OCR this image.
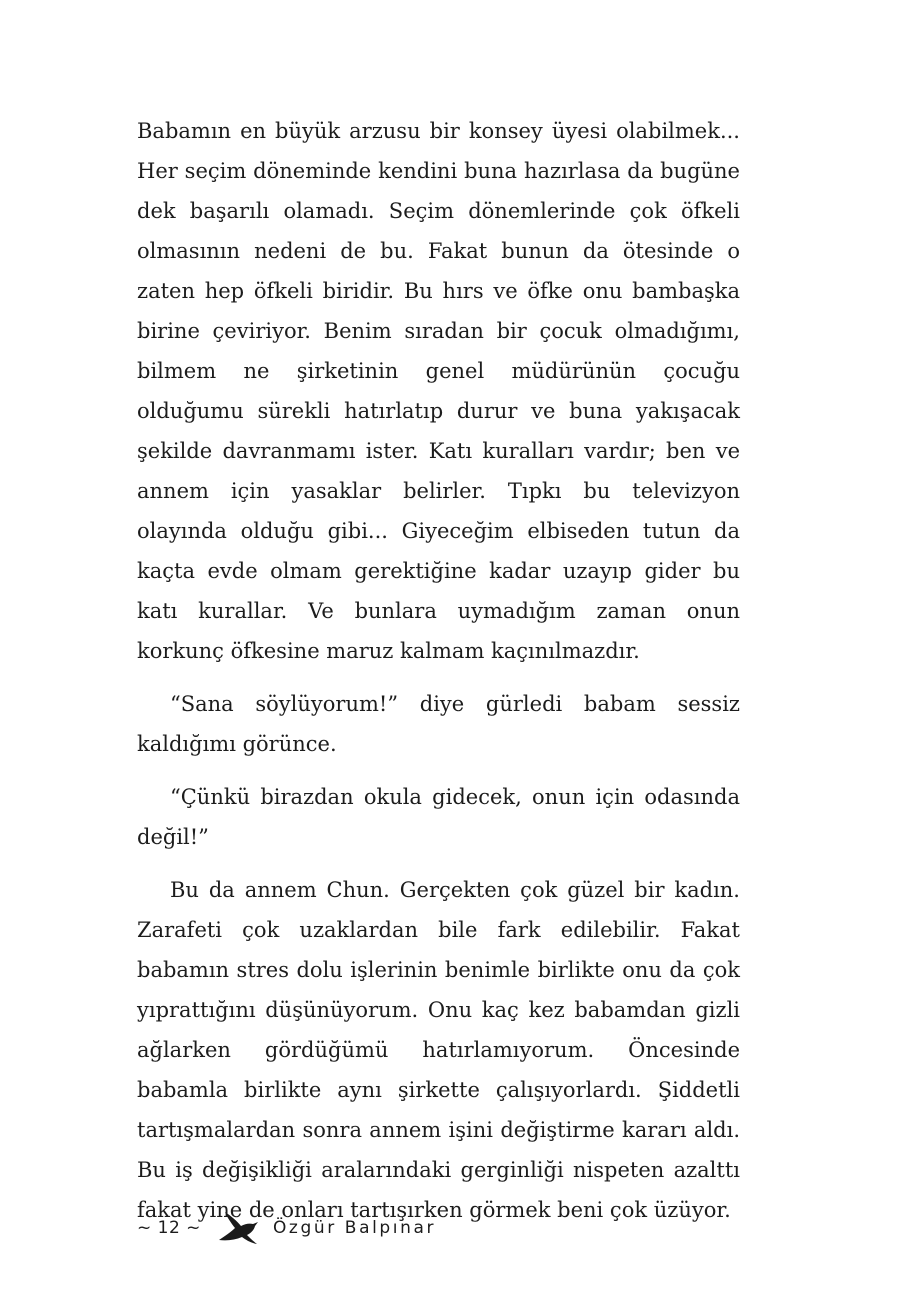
Babamın en büyük arzusu bir konsey üyesi olabilmek... Her seçim döneminde kendini buna hazırlasa da bugüne dek başarılı olamadı. Seçim dönemlerinde çok öfkeli olmasının nedeni de bu. Fakat bunun da ötesinde o zaten hep öfkeli biridir. Bu hırs ve öfke onu bambaşka birine çeviriyor. Benim sıradan bir çocuk olmadığımı, bilmem ne şirketinin genel müdürünün çocuğu olduğumu sürekli hatırlatıp durur ve buna yakışacak şekilde davranmamı ister. Katı kuralları vardır; ben ve annem için yasaklar belirler. Tıpkı bu televizyon olayında olduğu gibi... Giyeceğim elbiseden tutun da kaçta evde olmam gerektiğine kadar uzayıp gider bu katı kurallar. Ve bunlara uymadığım zaman onun korkunç öfkesine maruz kalmam kaçınılmazdır.

“Sana söylüyorum!” diye gürledi babam sessiz kaldığımı görünce.

“Çünkü birazdan okula gidecek, onun için odasında değil!”

Bu da annem Chun. Gerçekten çok güzel bir kadın. Zarafeti çok uzaklardan bile fark edilebilir. Fakat babamın stres dolu işlerinin benimle birlikte onu da çok yıprattığını düşünüyorum. Onu kaç kez babamdan gizli ağlarken gördüğümü hatırlamıyorum. Öncesinde babamla birlikte aynı şirkette çalışıyorlardı. Şiddetli tartışmalardan sonra annem işini değiştirme kararı aldı. Bu iş değişikliği aralarındaki gerginliği nispeten azalttı fakat yine de onları tartışırken görmek beni çok üzüyor.

~ 12 ~	Özgür Balpınar
